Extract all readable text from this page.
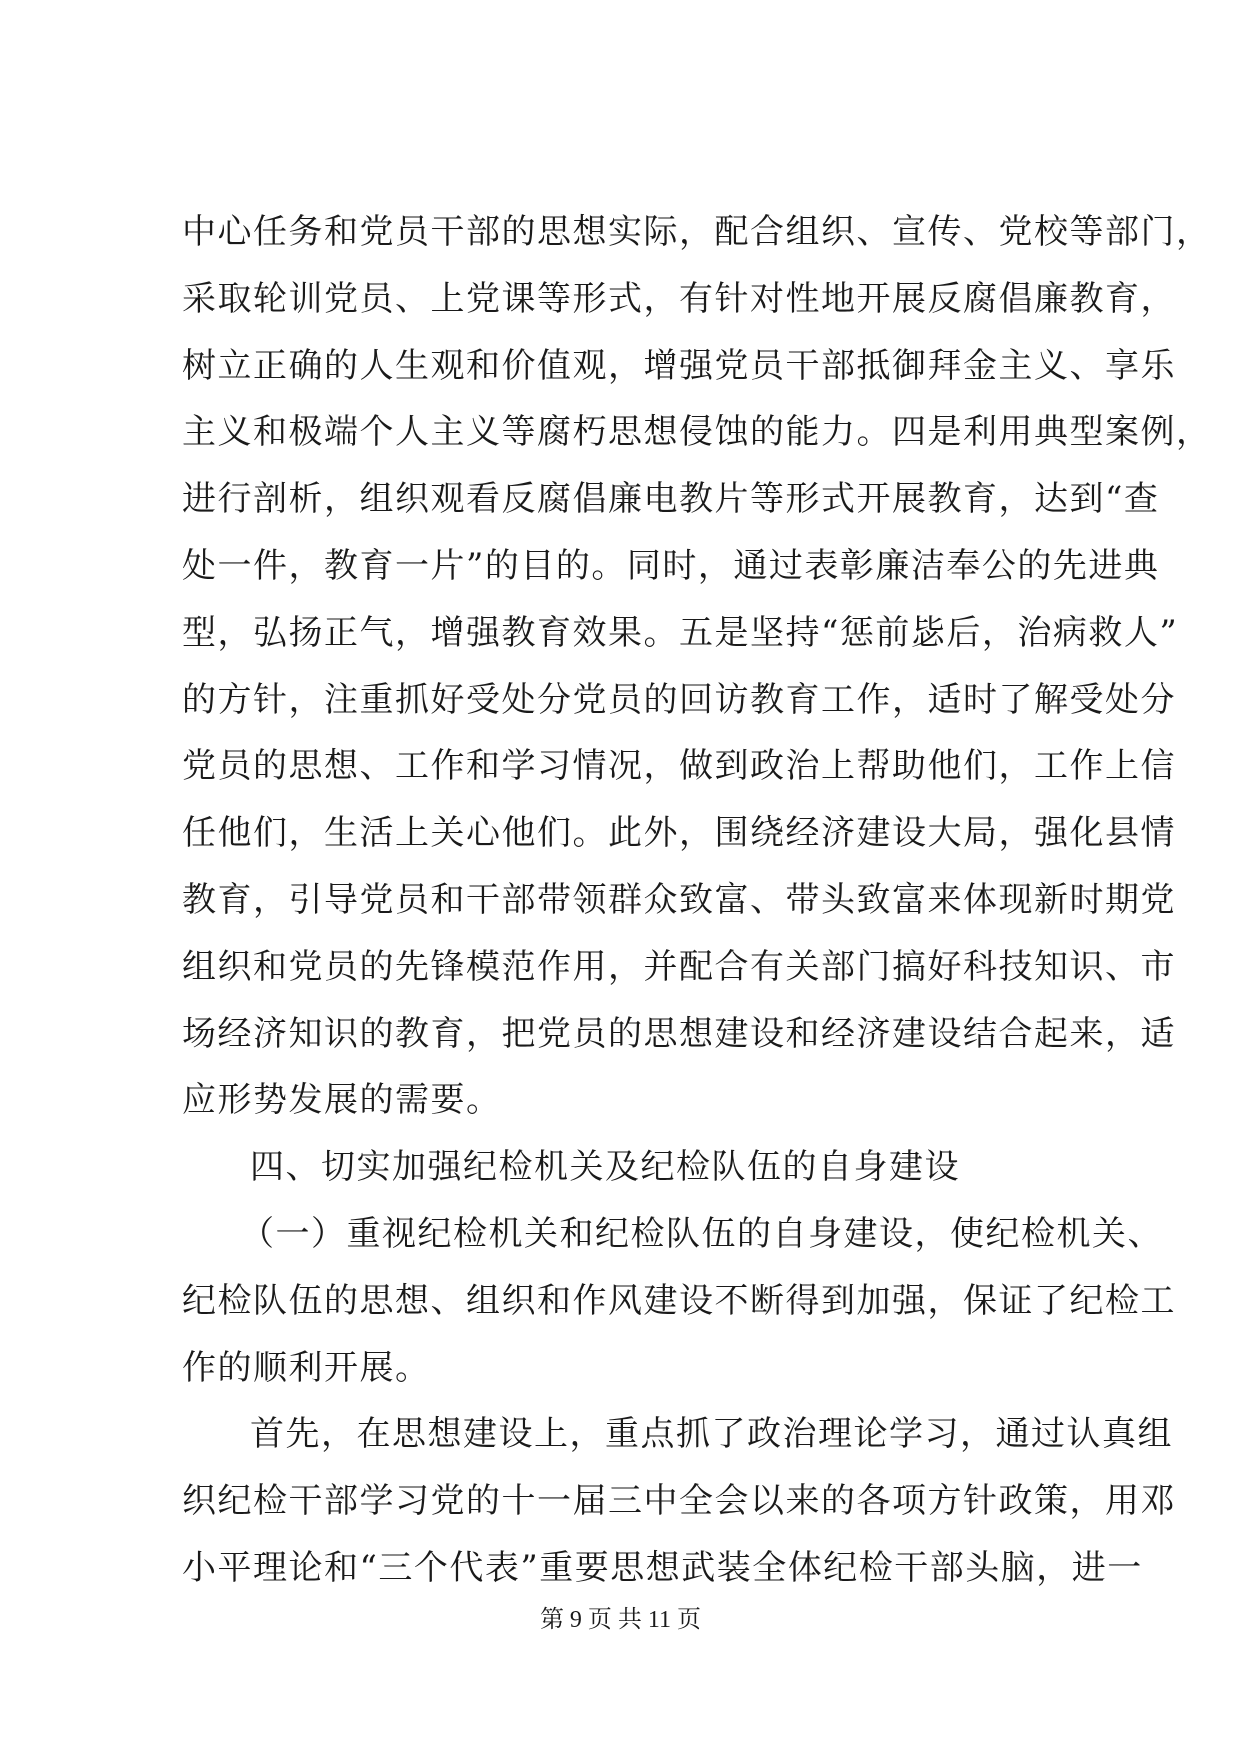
中心任务和党员干部的思想实际，配合组织、宣传、党校等部门，
采取轮训党员、上党课等形式，有针对性地开展反腐倡廉教育，
树立正确的人生观和价值观，增强党员干部抵御拜金主义、享乐
主义和极端个人主义等腐朽思想侵蚀的能力。四是利用典型案例，
进行剖析，组织观看反腐倡廉电教片等形式开展教育，达到“查
处一件，教育一片”的目的。同时，通过表彰廉洁奉公的先进典
型，弘扬正气，增强教育效果。五是坚持“惩前毖后，治病救人”
的方针，注重抓好受处分党员的回访教育工作，适时了解受处分
党员的思想、工作和学习情况，做到政治上帮助他们，工作上信
任他们，生活上关心他们。此外，围绕经济建设大局，强化县情
教育，引导党员和干部带领群众致富、带头致富来体现新时期党
组织和党员的先锋模范作用，并配合有关部门搞好科技知识、市
场经济知识的教育，把党员的思想建设和经济建设结合起来，适
应形势发展的需要。
四、切实加强纪检机关及纪检队伍的自身建设
（一）重视纪检机关和纪检队伍的自身建设，使纪检机关、
纪检队伍的思想、组织和作风建设不断得到加强，保证了纪检工
作的顺利开展。
首先，在思想建设上，重点抓了政治理论学习，通过认真组
织纪检干部学习党的十一届三中全会以来的各项方针政策，用邓
小平理论和“三个代表”重要思想武装全体纪检干部头脑，进一
第 9 页 共 11 页
